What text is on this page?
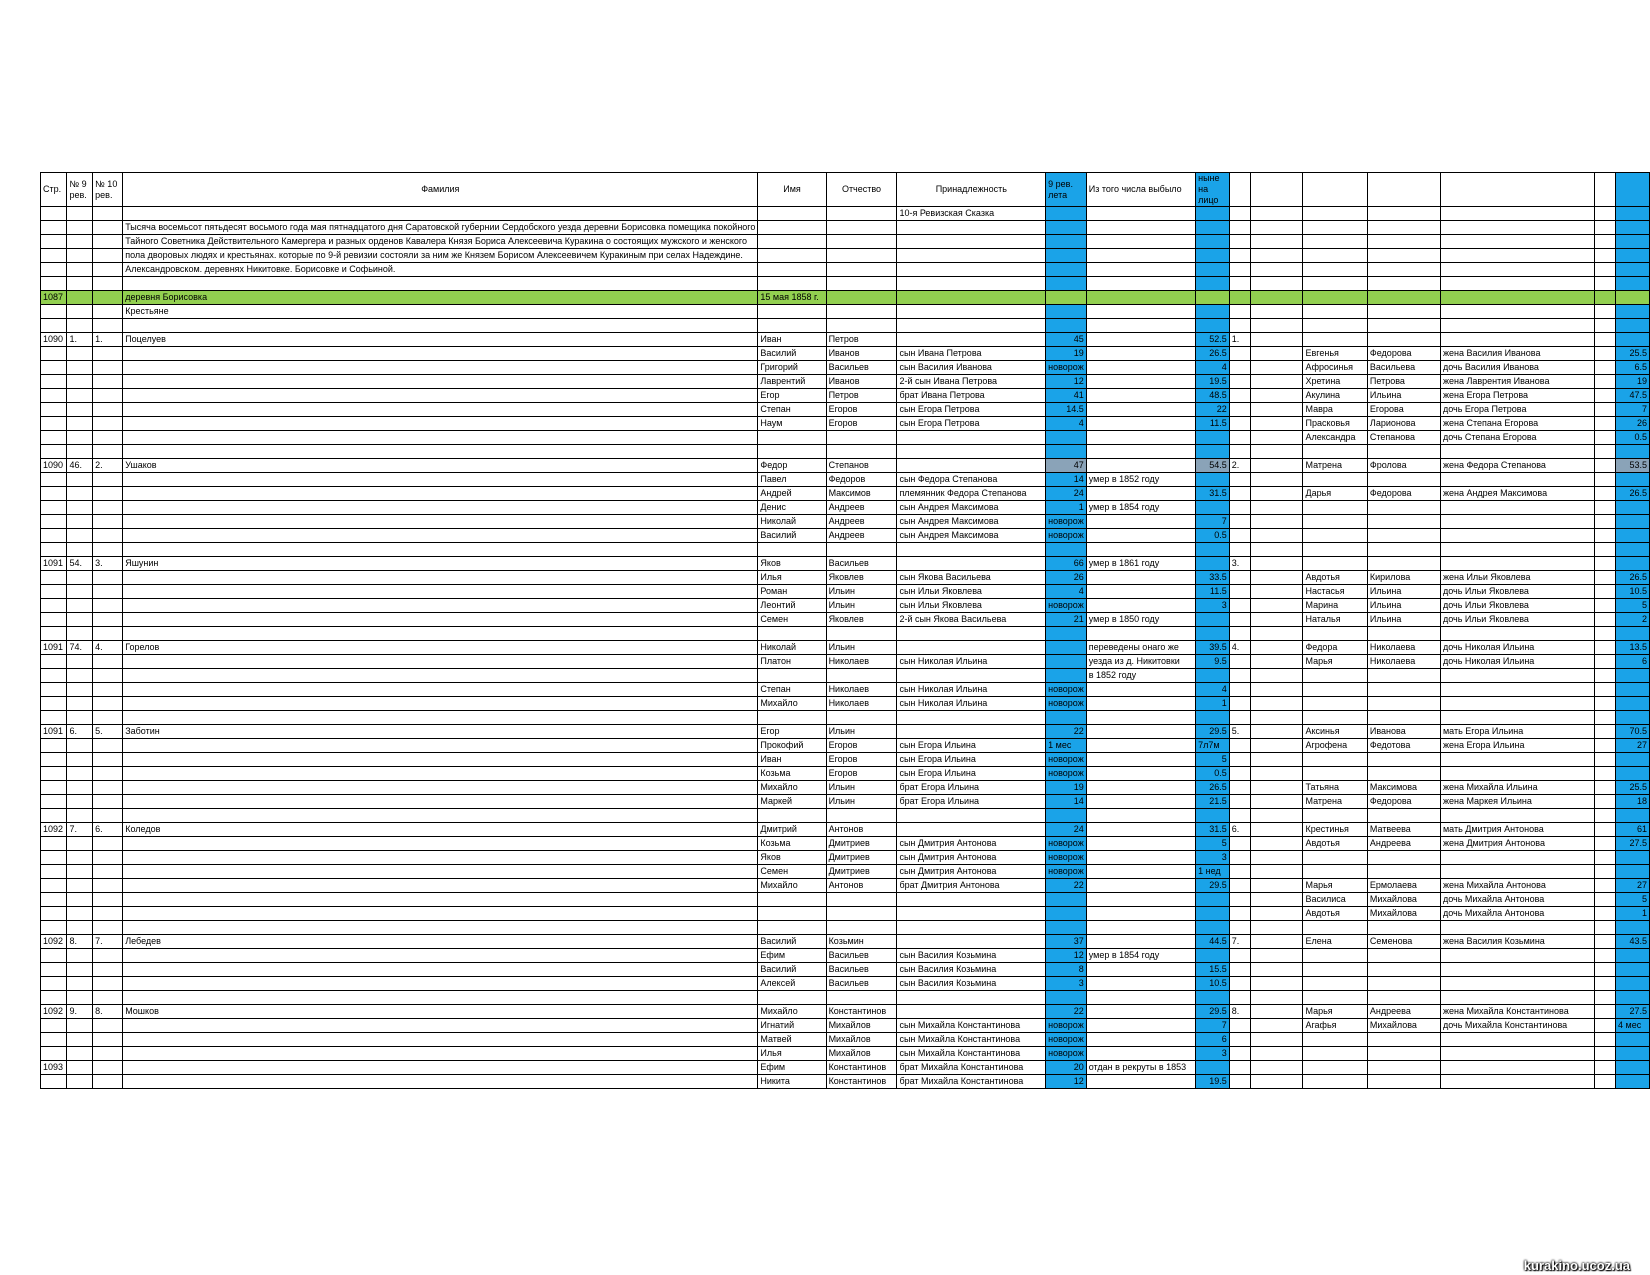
Стр.	№ 9 рев.	№ 10 рев.	Фамилия	Имя	Отчество	Принадлежность	9 рев. лета	Из того числа выбыло	ныне на лицо							
						10-я Ревизская Сказка										
			Тысяча восемьсот пятьдесят восьмого года мая пятнадцатого дня Саратовской губернии Сердобского уезда деревни Борисовка помещика покойного													
			Тайного Советника Действительного Камергера и разных орденов Кавалера Князя Бориса Алексеевича Куракина о состоящих мужского и женского													
			пола дворовых людях и крестьянах. которые по 9-й ревизии состояли за ним же Князем Борисом Алексеевичем Куракиным при селах Надеждине.													
			Александровском. деревнях Никитовке. Борисовке и Софьиной.													

1087			деревня Борисовка	15 мая 1858 г.												
			Крестьяне													

1090	1.	1.	Поцелуев	Иван	Петров		45		52.5	1.						
				Василий	Иванов	сын Ивана Петрова	19		26.5			Евгенья	Федорова	жена Василия Иванова		25.5
				Григорий	Васильев	сын Василия Иванова	новорож		4			Афросинья	Васильева	дочь Василия Иванова		6.5
				Лаврентий	Иванов	2-й сын Ивана Петрова	12		19.5			Хретина	Петрова	жена Лаврентия Иванова		19
				Егор	Петров	брат Ивана Петрова	41		48.5			Акулина	Ильина	жена Егора Петрова		47.5
				Степан	Егоров	сын Егора Петрова	14.5		22			Мавра	Егорова	дочь Егора Петрова		7
				Наум	Егоров	сын Егора Петрова	4		11.5			Прасковья	Ларионова	жена Степана Егорова		26
												Александра	Степанова	дочь Степана Егорова		0.5

1090	46.	2.	Ушаков	Федор	Степанов		47		54.5	2.		Матрена	Фролова	жена Федора Степанова		53.5
				Павел	Федоров	сын Федора Степанова	14	умер в 1852 году								
				Андрей	Максимов	племянник Федора Степанова	24		31.5			Дарья	Федорова	жена Андрея Максимова		26.5
				Денис	Андреев	сын Андрея Максимова	1	умер в 1854 году								
				Николай	Андреев	сын Андрея Максимова	новорож		7							
				Василий	Андреев	сын Андрея Максимова	новорож		0.5							

1091	54.	3.	Яшунин	Яков	Васильев		66	умер в 1861 году		3.						
				Илья	Яковлев	сын Якова Васильева	26		33.5			Авдотья	Кирилова	жена Ильи Яковлева		26.5
				Роман	Ильин	сын Ильи Яковлева	4		11.5			Настасья	Ильина	дочь Ильи Яковлева		10.5
				Леонтий	Ильин	сын Ильи Яковлева	новорож		3			Марина	Ильина	дочь Ильи Яковлева		5
				Семен	Яковлев	2-й сын Якова Васильева	21	умер в 1850 году				Наталья	Ильина	дочь Ильи Яковлева		2

1091	74.	4.	Горелов	Николай	Ильин			переведены онаго же	39.5	4.		Федора	Николаева	дочь Николая Ильина		13.5
				Платон	Николаев	сын Николая Ильина		уезда из д. Никитовки	9.5			Марья	Николаева	дочь Николая Ильина		6
								в 1852 году								
				Степан	Николаев	сын Николая Ильина	новорож		4							
				Михайло	Николаев	сын Николая Ильина	новорож		1							

1091	6.	5.	Заботин	Егор	Ильин		22		29.5	5.		Аксинья	Иванова	мать Егора Ильина		70.5
				Прокофий	Егоров	сын Егора Ильина	1 мес		7л7м			Агрофена	Федотова	жена Егора Ильина		27
				Иван	Егоров	сын Егора Ильина	новорож		5							
				Козьма	Егоров	сын Егора Ильина	новорож		0.5							
				Михайло	Ильин	брат Егора Ильина	19		26.5			Татьяна	Максимова	жена Михайла Ильина		25.5
				Маркей	Ильин	брат Егора Ильина	14		21.5			Матрена	Федорова	жена Маркея Ильина		18

1092	7.	6.	Коледов	Дмитрий	Антонов		24		31.5	6.		Крестинья	Матвеева	мать Дмитрия Антонова		61
				Козьма	Дмитриев	сын Дмитрия Антонова	новорож		5			Авдотья	Андреева	жена Дмитрия Антонова		27.5
				Яков	Дмитриев	сын Дмитрия Антонова	новорож		3							
				Семен	Дмитриев	сын Дмитрия Антонова	новорож		1 нед							
				Михайло	Антонов	брат Дмитрия Антонова	22		29.5			Марья	Ермолаева	жена Михайла Антонова		27
												Василиса	Михайлова	дочь Михайла Антонова		5
												Авдотья	Михайлова	дочь Михайла Антонова		1

1092	8.	7.	Лебедев	Василий	Козьмин		37		44.5	7.		Елена	Семенова	жена Василия Козьмина		43.5
				Ефим	Васильев	сын Василия Козьмина	12	умер в 1854 году								
				Василий	Васильев	сын Василия Козьмина	8		15.5							
				Алексей	Васильев	сын Василия Козьмина	3		10.5							

1092	9.	8.	Мошков	Михайло	Константинов		22		29.5	8.		Марья	Андреева	жена Михайла Константинова		27.5
				Игнатий	Михайлов	сын Михайла Константинова	новорож		7			Агафья	Михайлова	дочь Михайла Константинова		4 мес
				Матвей	Михайлов	сын Михайла Константинова	новорож		6							
				Илья	Михайлов	сын Михайла Константинова	новорож		3							
1093				Ефим	Константинов	брат Михайла Константинова	20	отдан в рекруты в 1853								
				Никита	Константинов	брат Михайла Константинова	12		19.5							
kurakino.ucoz.ua
